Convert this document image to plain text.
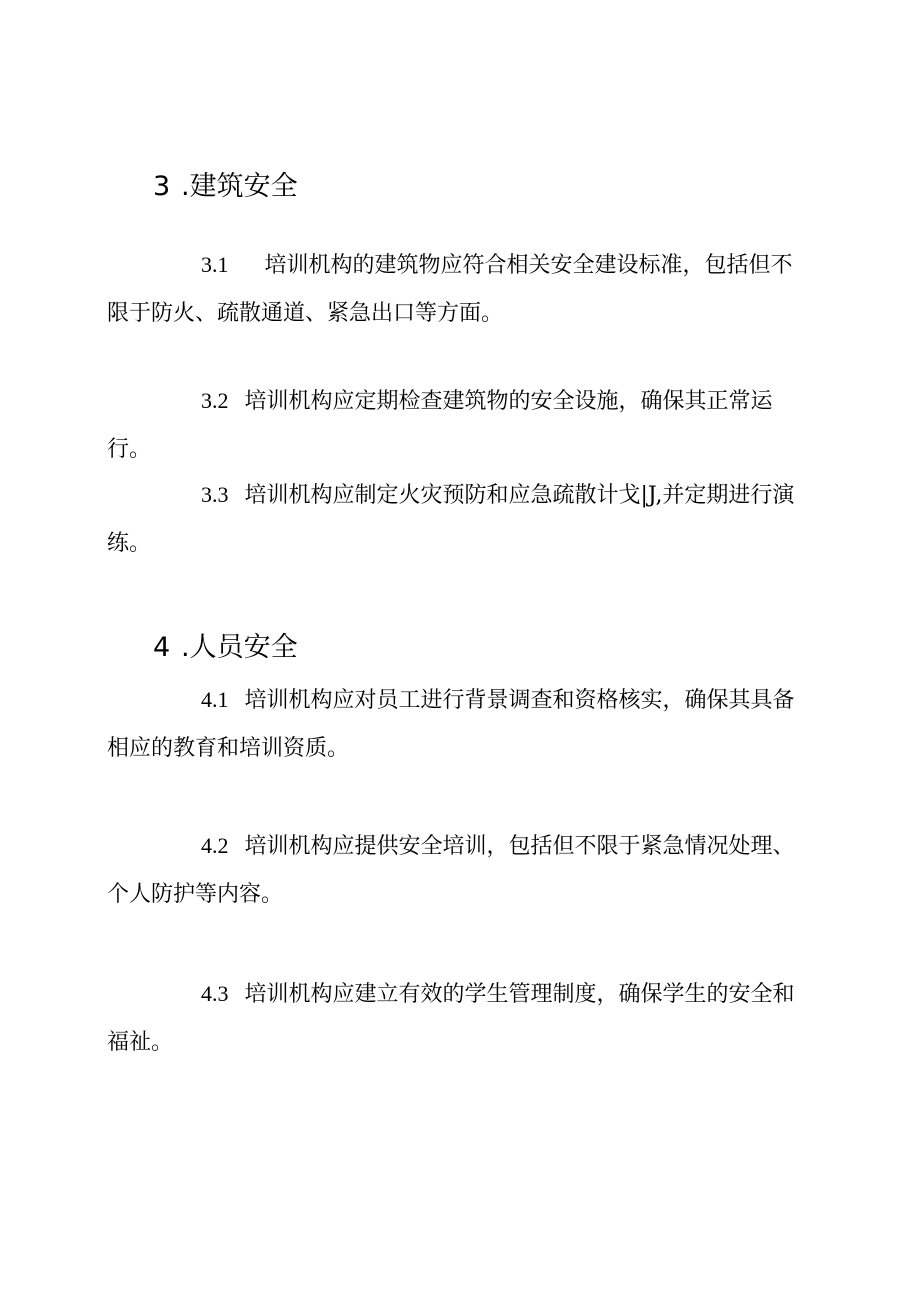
3 .建筑安全

3.1 培训机构的建筑物应符合相关安全建设标准，包括但不限于防火、疏散通道、紧急出口等方面。

3.2 培训机构应定期检查建筑物的安全设施，确保其正常运行。

3.3 培训机构应制定火灾预防和应急疏散计戈|J,并定期进行演练。

4 .人员安全

4.1 培训机构应对员工进行背景调查和资格核实，确保其具备相应的教育和培训资质。

4.2 培训机构应提供安全培训，包括但不限于紧急情况处理、个人防护等内容。

4.3 培训机构应建立有效的学生管理制度，确保学生的安全和福祉。
